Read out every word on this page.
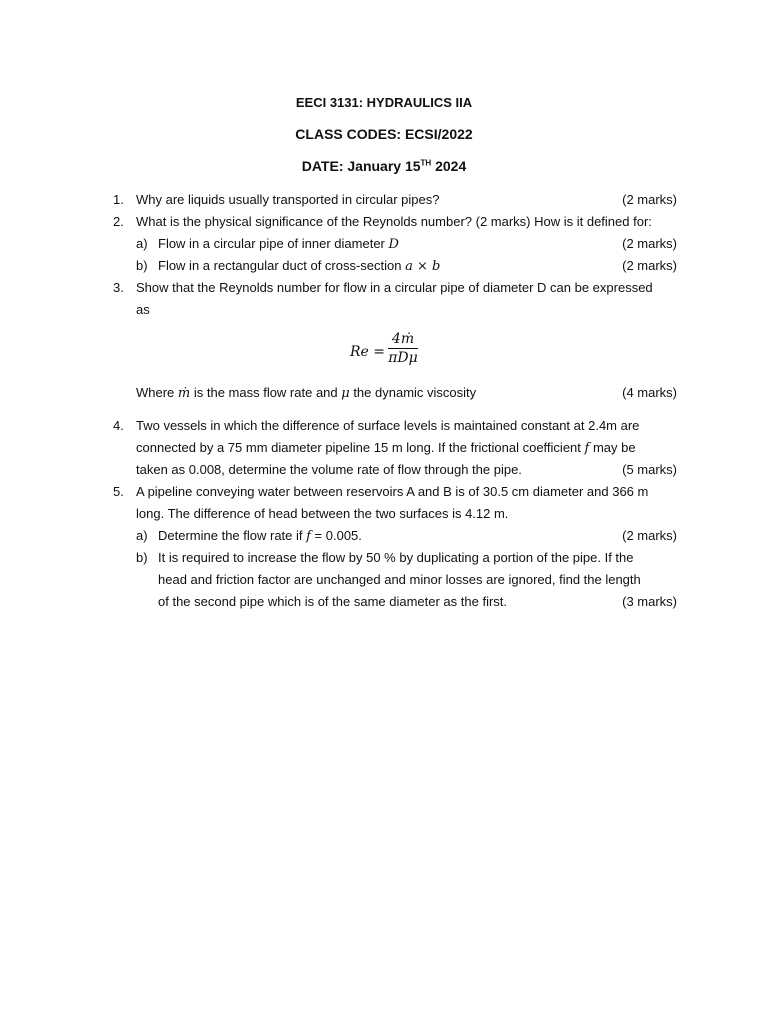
EECI 3131: HYDRAULICS IIA
CLASS CODES: ECSI/2022
DATE: January 15TH 2024
1. Why are liquids usually transported in circular pipes?	(2 marks)
2. What is the physical significance of the Reynolds number? (2 marks) How is it defined for:
a) Flow in a circular pipe of inner diameter D	(2 marks)
b) Flow in a rectangular duct of cross-section a × b	(2 marks)
3. Show that the Reynolds number for flow in a circular pipe of diameter D can be expressed
as
Re =
4ṁ
πDμ
Where ṁ is the mass flow rate and μ the dynamic viscosity	(4 marks)
4. Two vessels in which the difference of surface levels is maintained constant at 2.4m are
connected by a 75 mm diameter pipeline 15 m long. If the frictional coefficient f may be
taken as 0.008, determine the volume rate of flow through the pipe.	(5 marks)
5. A pipeline conveying water between reservoirs A and B is of 30.5 cm diameter and 366 m
long. The difference of head between the two surfaces is 4.12 m.
a) Determine the flow rate if f = 0.005.	(2 marks)
b) It is required to increase the flow by 50 % by duplicating a portion of the pipe. If the
head and friction factor are unchanged and minor losses are ignored, find the length
of the second pipe which is of the same diameter as the first.	(3 marks)
